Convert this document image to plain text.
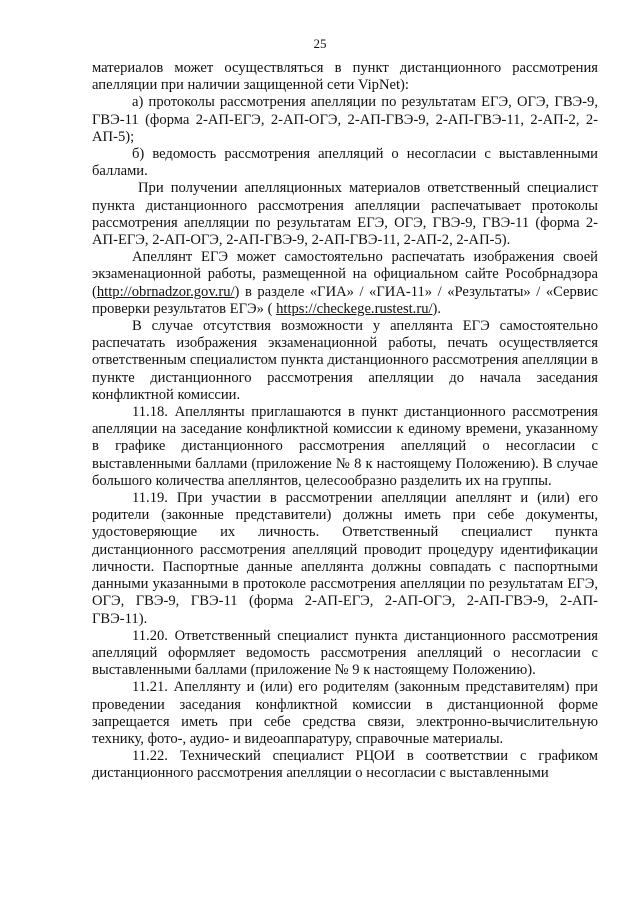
25

материалов может осуществляться в пункт дистанционного рассмотрения апелляции при наличии защищенной сети VipNet):

а) протоколы рассмотрения апелляции по результатам ЕГЭ, ОГЭ, ГВЭ-9, ГВЭ-11 (форма 2-АП-ЕГЭ, 2-АП-ОГЭ, 2-АП-ГВЭ-9, 2-АП-ГВЭ-11, 2-АП-2, 2-АП-5);

б) ведомость рассмотрения апелляций о несогласии с выставленными баллами.

При получении апелляционных материалов ответственный специалист пункта дистанционного рассмотрения апелляции распечатывает протоколы рассмотрения апелляции по результатам ЕГЭ, ОГЭ, ГВЭ-9, ГВЭ-11 (форма 2-АП-ЕГЭ, 2-АП-ОГЭ, 2-АП-ГВЭ-9, 2-АП-ГВЭ-11, 2-АП-2, 2-АП-5).

Апеллянт ЕГЭ может самостоятельно распечатать изображения своей экзаменационной работы, размещенной на официальном сайте Рособрнадзора (http://obrnadzor.gov.ru/) в разделе «ГИА» / «ГИА-11» / «Результаты» / «Сервис проверки результатов ЕГЭ» ( https://checkege.rustest.ru/).

В случае отсутствия возможности у апеллянта ЕГЭ самостоятельно распечатать изображения экзаменационной работы, печать осуществляется ответственным специалистом пункта дистанционного рассмотрения апелляции в пункте дистанционного рассмотрения апелляции до начала заседания конфликтной комиссии.

11.18. Апеллянты приглашаются в пункт дистанционного рассмотрения апелляции на заседание конфликтной комиссии к единому времени, указанному в графике дистанционного рассмотрения апелляций о несогласии с выставленными баллами (приложение № 8 к настоящему Положению). В случае большого количества апеллянтов, целесообразно разделить их на группы.

11.19. При участии в рассмотрении апелляции апеллянт и (или) его родители (законные представители) должны иметь при себе документы, удостоверяющие их личность. Ответственный специалист пункта дистанционного рассмотрения апелляций проводит процедуру идентификации личности. Паспортные данные апеллянта должны совпадать с паспортными данными указанными в протоколе рассмотрения апелляции по результатам ЕГЭ, ОГЭ, ГВЭ-9, ГВЭ-11 (форма 2-АП-ЕГЭ, 2-АП-ОГЭ, 2-АП-ГВЭ-9, 2-АП-ГВЭ-11).

11.20. Ответственный специалист пункта дистанционного рассмотрения апелляций оформляет ведомость рассмотрения апелляций о несогласии с выставленными баллами (приложение № 9 к настоящему Положению).

11.21. Апеллянту и (или) его родителям (законным представителям) при проведении заседания конфликтной комиссии в дистанционной форме запрещается иметь при себе средства связи, электронно-вычислительную технику, фото-, аудио- и видеоаппаратуру, справочные материалы.

11.22. Технический специалист РЦОИ в соответствии с графиком дистанционного рассмотрения апелляции о несогласии с выставленными
